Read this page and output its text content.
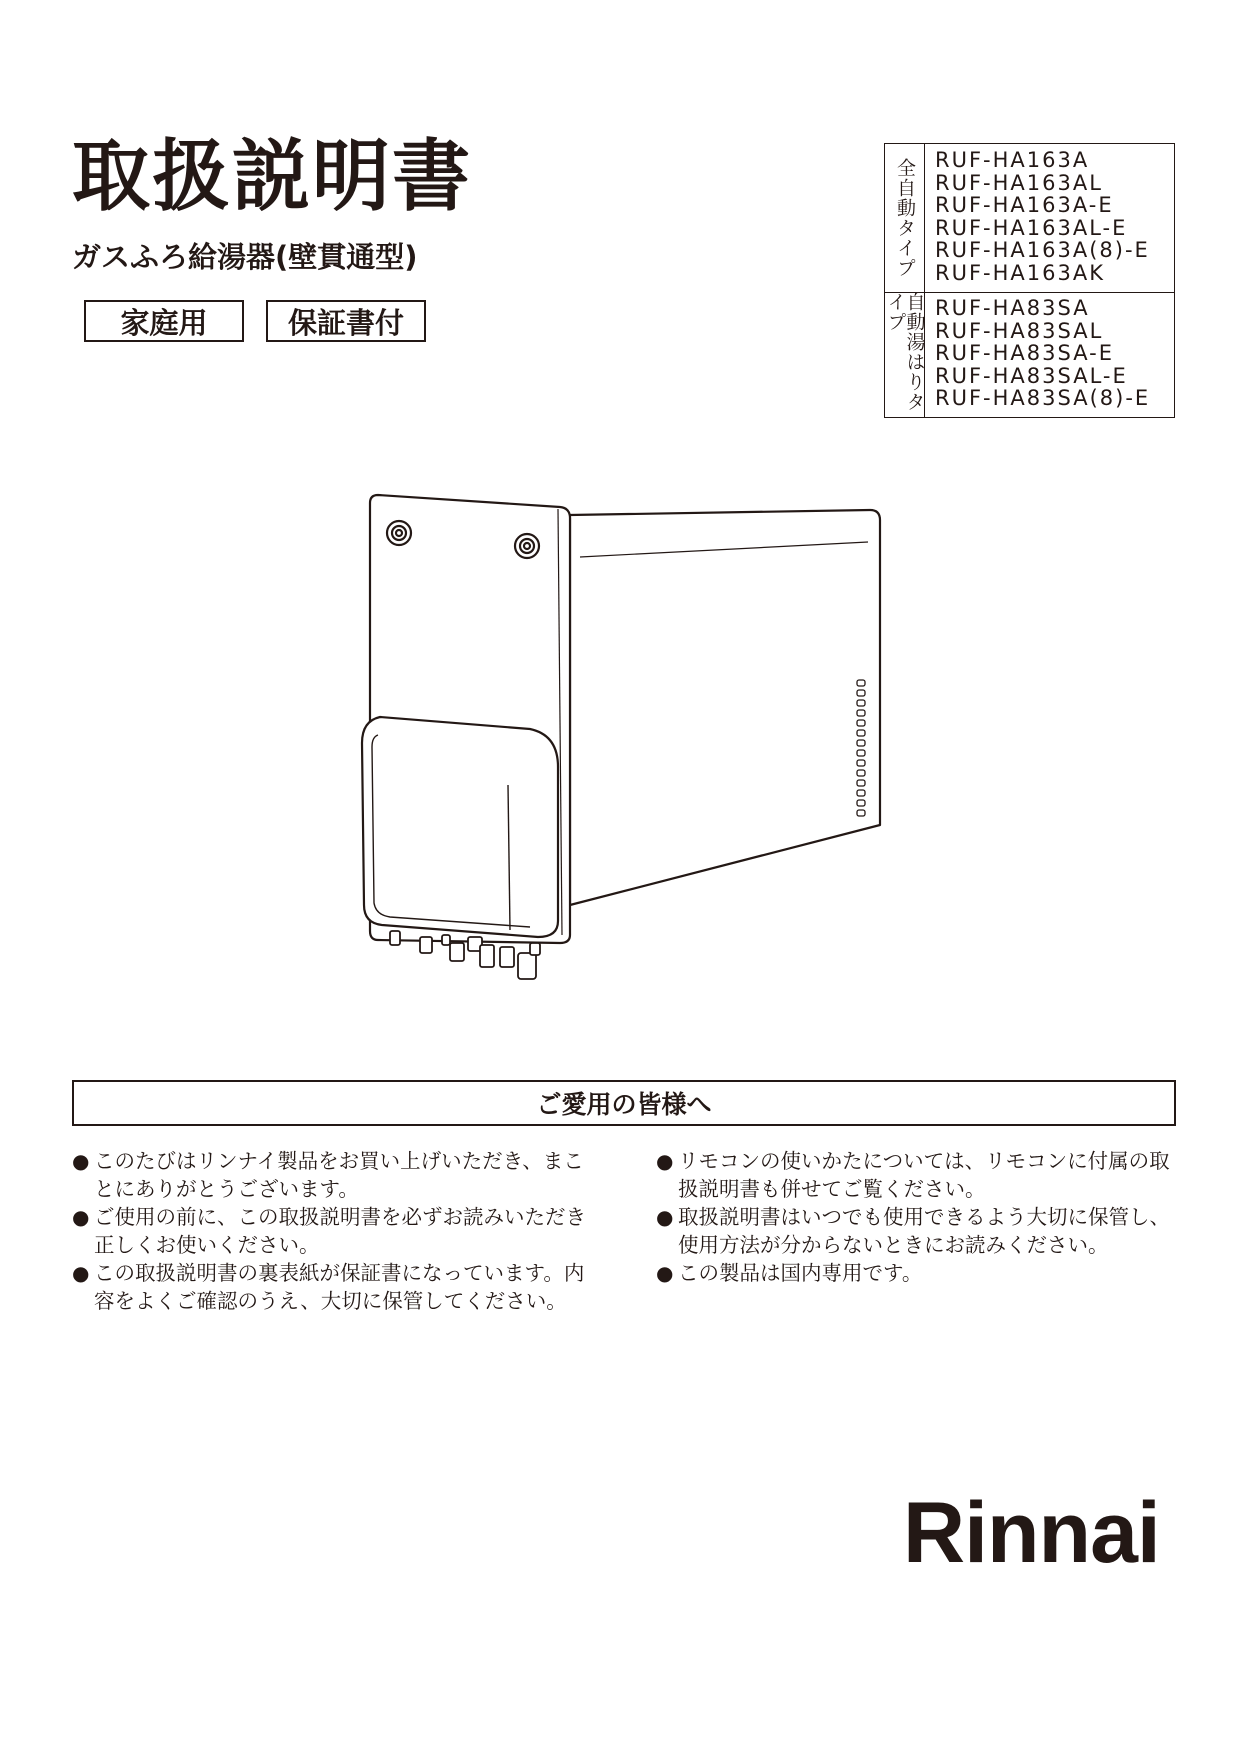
取扱説明書
ガスふろ給湯器(壁貫通型)
家庭用	保証書付
全自動タイプ RUF-HA163A
RUF-HA163AL
RUF-HA163A-E
RUF-HA163AL-E
RUF-HA163A(8)-E
RUF-HA163AK
自動湯はりタイプ	RUF-HA83SA
RUF-HA83SAL
RUF-HA83SA-E
RUF-HA83SAL-E
RUF-HA83SA(8)-E
ご愛用の皆様へ
● このたびはリンナイ製品をお買い上げいただき、まことにありがとうございます。
● ご使用の前に、この取扱説明書を必ずお読みいただき正しくお使いください。
● この取扱説明書の裏表紙が保証書になっています。内容をよくご確認のうえ、大切に保管してください。
● リモコンの使いかたについては、リモコンに付属の取扱説明書も併せてご覧ください。
● 取扱説明書はいつでも使用できるよう大切に保管し、使用方法が分からないときにお読みください。
● この製品は国内専用です。
Rinnai
